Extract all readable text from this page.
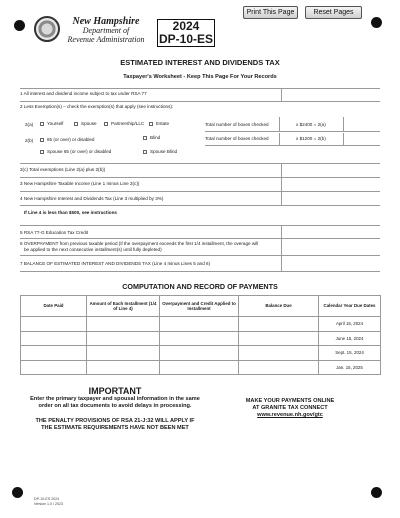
New Hampshire
Department of
Revenue Administration
2024
DP-10-ES
Print This Page	Reset Pages
ESTIMATED INTEREST AND DIVIDENDS TAX
Taxpayer's Worksheet - Keep This Page For Your Records
1 All interest and dividend income subject to tax under RSA 77
2 Less Exemption(s) – check the exemption(s) that apply (see instructions):
2(a)	Yourself	Spouse	Partnership/LLC	Estate	Total number of boxes checked	x $2400 = 2(a)
2(b)	65 (or over) or disabled	Blind	Total number of boxes checked	x $1200 = 2(b)
Spouse 65 (or over) or disabled	Spouse Blind
2(c) Total exemptions (Line 2(a) plus 2(b))
3 New Hampshire Taxable Income (Line 1 minus Line 2(c))
4 New Hampshire Interest and Dividends Tax (Line 3 multiplied by 3%)
If Line 4 is less than $500, see instructions
5 RSA 77-G Education Tax Credit
6 OVERPAYMENT from previous taxable period (if the overpayment exceeds the first 1/4 installment, the overage will
be applied to the next consecutive installment(s) until fully depleted)
7 BALANCE OF ESTIMATED INTEREST AND DIVIDENDS TAX (Line 4 minus Lines 5 and 6)
COMPUTATION AND RECORD OF PAYMENTS
Date Paid	Amount of Each Installment (1/4 of Line 4)	Overpayment and Credit Applied to Installment	Balance Due	Calendar Year Due Dates
				April 15, 2024
				June 15, 2024
				Sept. 15, 2024
				Jan. 15, 2025
IMPORTANT
Enter the primary taxpayer and spousal information in the same order on all tax documents to avoid delays in processing.
THE PENALTY PROVISIONS OF RSA 21-J:32 WILL APPLY IF THE ESTIMATE REQUIREMENTS HAVE NOT BEEN MET
MAKE YOUR PAYMENTS ONLINE
AT GRANITE TAX CONNECT
www.revenue.nh.gov/gtc
DP-10-ES 2024
Version 1.0 / 2023
